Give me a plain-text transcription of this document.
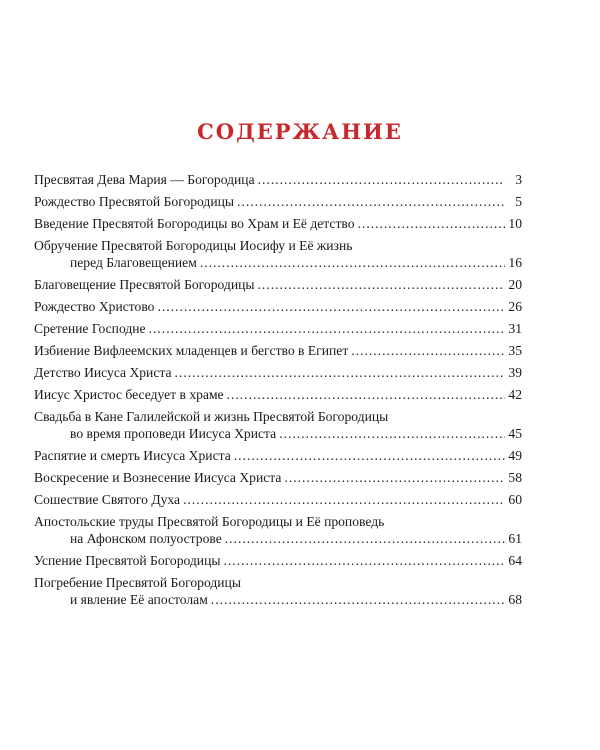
СОДЕРЖАНИЕ
Пресвятая Дева Мария — Богородица .....	3
Рождество Пресвятой Богородицы .....	5
Введение Пресвятой Богородицы во Храм и Её детство .....	10
Обручение Пресвятой Богородицы Иосифу и Её жизнь
перед Благовещением .....	16
Благовещение Пресвятой Богородицы .....	20
Рождество Христово .....	26
Сретение Господне .....	31
Избиение Вифлеемских младенцев и бегство в Египет .....	35
Детство Иисуса Христа .....	39
Иисус Христос беседует в храме .....	42
Свадьба в Кане Галилейской и жизнь Пресвятой Богородицы
во время проповеди Иисуса Христа .....	45
Распятие и смерть Иисуса Христа .....	49
Воскресение и Вознесение Иисуса Христа .....	58
Сошествие Святого Духа .....	60
Апостольские труды Пресвятой Богородицы и Её проповедь
на Афонском полуострове .....	61
Успение Пресвятой Богородицы .....	64
Погребение Пресвятой Богородицы
и явление Её апостолам .....	68
